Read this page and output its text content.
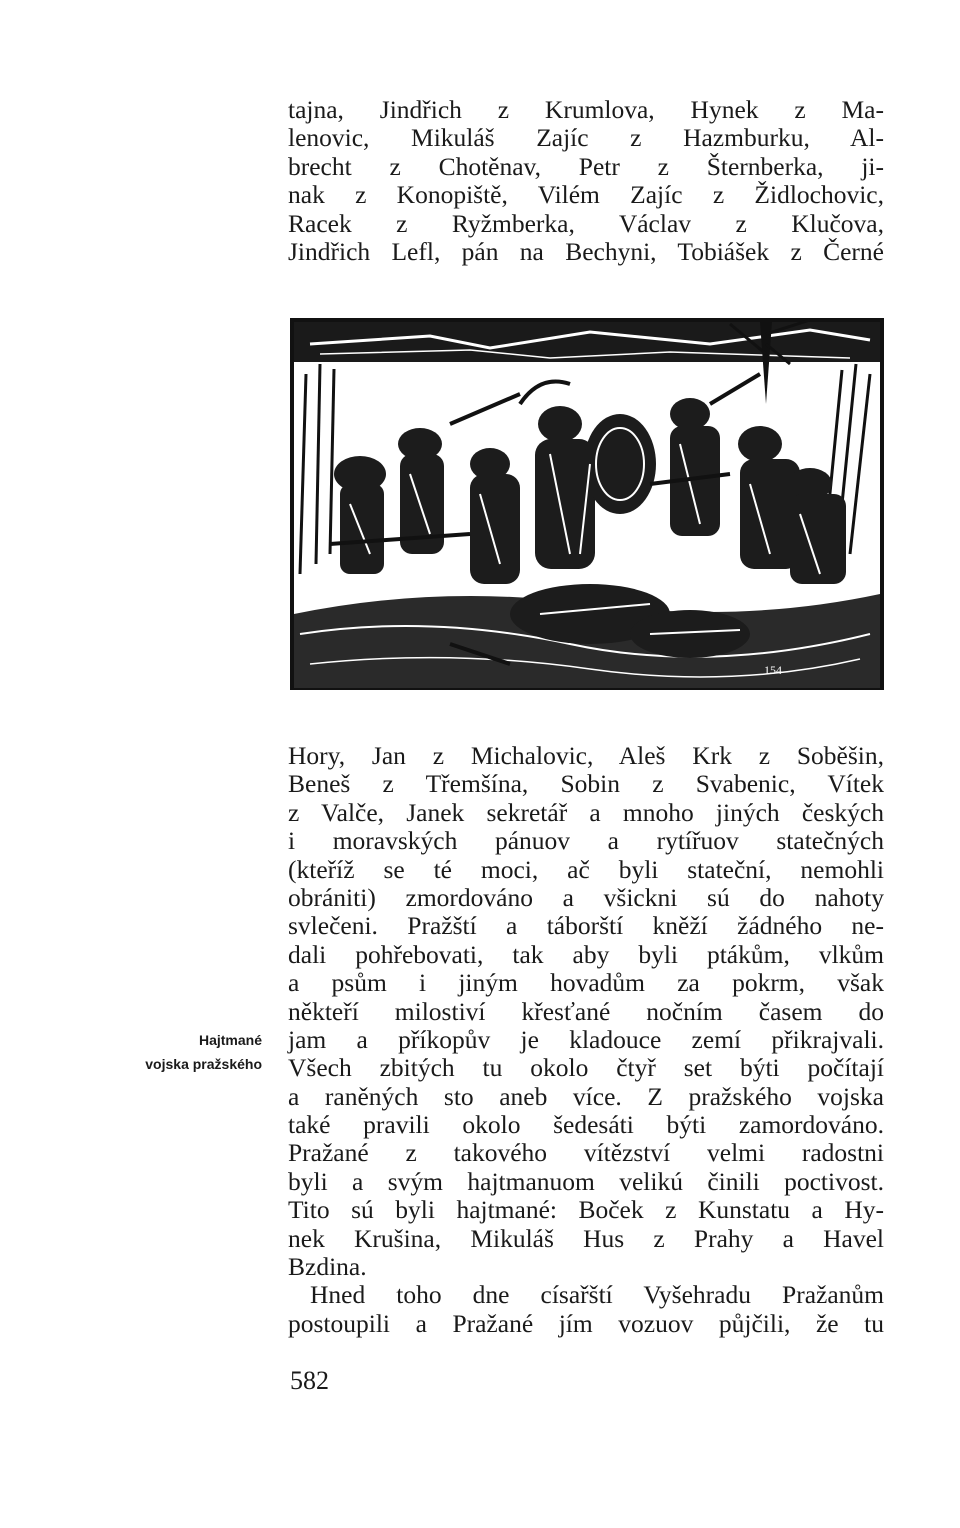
tajna, Jindřich z Krumlova, Hynek z Ma-
lenovic, Mikuláš Zajíc z Hazmburku, Al-
brecht z Chotěnav, Petr z Šternberka, ji-
nak z Konopiště, Vilém Zajíc z Židlochovic,
Racek z Ryžmberka, Václav z Klučova,
Jindřich Lefl, pán na Bechyni, Tobiášek z Černé
154
Hory, Jan z Michalovic, Aleš Krk z Soběšin,
Beneš z Třemšína, Sobin z Svabenic, Vítek
z Valče, Janek sekretář a mnoho jiných českých
i moravských pánuov a rytířuov statečných
(kteříž se té moci, ač byli stateční, nemohli
obrániti) zmordováno a všickni sú do nahoty
svlečeni. Pražští a táborští kněží žádného ne-
dali pohřebovati, tak aby byli ptákům, vlkům
a psům i jiným hovadům za pokrm, však
někteří milostiví křesťané nočním časem do
jam a příkopův je kladouce zemí přikrajvali.
Všech zbitých tu okolo čtyř set býti počítají
a raněných sto aneb více. Z pražského vojska
také pravili okolo šedesáti býti zamordováno.
Pražané z takového vítězství velmi radostni
byli a svým hajtmanuom velikú činili poctivost.
Tito sú byli hajtmané: Boček z Kunstatu a Hy-
nek Krušina, Mikuláš Hus z Prahy a Havel
Bzdina.
Hned toho dne císařští Vyšehradu Pražanům
postoupili a Pražané jím vozuov půjčili, že tu
Hajtmané
vojska pražského
582
